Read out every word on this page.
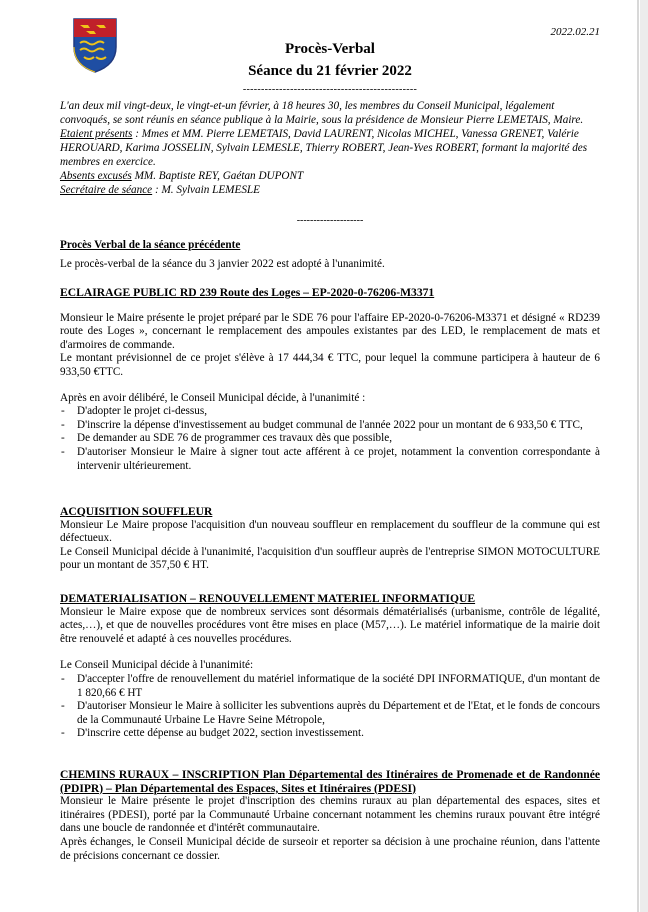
2022.02.21
Procès-Verbal
Séance du 21 février 2022
------------------------------------------------

L'an deux mil vingt-deux, le vingt-et-un février, à 18 heures 30, les membres du Conseil Municipal, légalement convoqués, se sont réunis en séance publique à la Mairie, sous la présidence de Monsieur Pierre LEMETAIS, Maire.

Etaient présents : Mmes et MM. Pierre LEMETAIS, David LAURENT, Nicolas MICHEL, Vanessa GRENET, Valérie HEROUARD, Karima JOSSELIN, Sylvain LEMESLE, Thierry ROBERT, Jean-Yves ROBERT, formant la majorité des membres en exercice.

Absents excusés MM. Baptiste REY, Gaétan DUPONT

Secrétaire de séance : M. Sylvain LEMESLE

--------------------

Procès Verbal de la séance précédente

Le procès-verbal de la séance du 3 janvier 2022 est adopté à l'unanimité.

ECLAIRAGE PUBLIC RD 239 Route des Loges – EP-2020-0-76206-M3371

Monsieur le Maire présente le projet préparé par le SDE 76 pour l'affaire EP-2020-0-76206-M3371 et désigné « RD239 route des Loges », concernant le remplacement des ampoules existantes par des LED, le remplacement de mats et d'armoires de commande.

Le montant prévisionnel de ce projet s'élève à 17 444,34 € TTC, pour lequel la commune participera à hauteur de 6 933,50 €TTC.

Après en avoir délibéré, le Conseil Municipal décide, à l'unanimité :

- D'adopter le projet ci-dessus,

- D'inscrire la dépense d'investissement au budget communal de l'année 2022 pour un montant de 6 933,50 € TTC,

- De demander au SDE 76 de programmer ces travaux dès que possible,

- D'autoriser Monsieur le Maire à signer tout acte afférent à ce projet, notamment la convention correspondante à intervenir ultérieurement.

ACQUISITION SOUFFLEUR

Monsieur Le Maire propose l'acquisition d'un nouveau souffleur en remplacement du souffleur de la commune qui est défectueux.

Le Conseil Municipal décide à l'unanimité, l'acquisition d'un souffleur auprès de l'entreprise SIMON MOTOCULTURE pour un montant de 357,50 € HT.

DEMATERIALISATION – RENOUVELLEMENT MATERIEL INFORMATIQUE

Monsieur le Maire expose que de nombreux services sont désormais dématérialisés (urbanisme, contrôle de légalité, actes,…), et que de nouvelles procédures vont être mises en place (M57,…). Le matériel informatique de la mairie doit être renouvelé et adapté à ces nouvelles procédures.

Le Conseil Municipal décide à l'unanimité:

- D'accepter l'offre de renouvellement du matériel informatique de la société DPI INFORMATIQUE, d'un montant de 1 820,66 € HT

- D'autoriser Monsieur le Maire à solliciter les subventions auprès du Département et de l'Etat, et le fonds de concours de la Communauté Urbaine Le Havre Seine Métropole,

- D'inscrire cette dépense au budget 2022, section investissement.

CHEMINS RURAUX – INSCRIPTION Plan Départemental des Itinéraires de Promenade et de Randonnée (PDIPR) – Plan Départemental des Espaces, Sites et Itinéraires (PDESI)

Monsieur le Maire présente le projet d'inscription des chemins ruraux au plan départemental des espaces, sites et itinéraires (PDESI), porté par la Communauté Urbaine concernant notamment les chemins ruraux pouvant être intégré dans une boucle de randonnée et d'intérêt communautaire.

Après échanges, le Conseil Municipal décide de surseoir et reporter sa décision à une prochaine réunion, dans l'attente de précisions concernant ce dossier.
